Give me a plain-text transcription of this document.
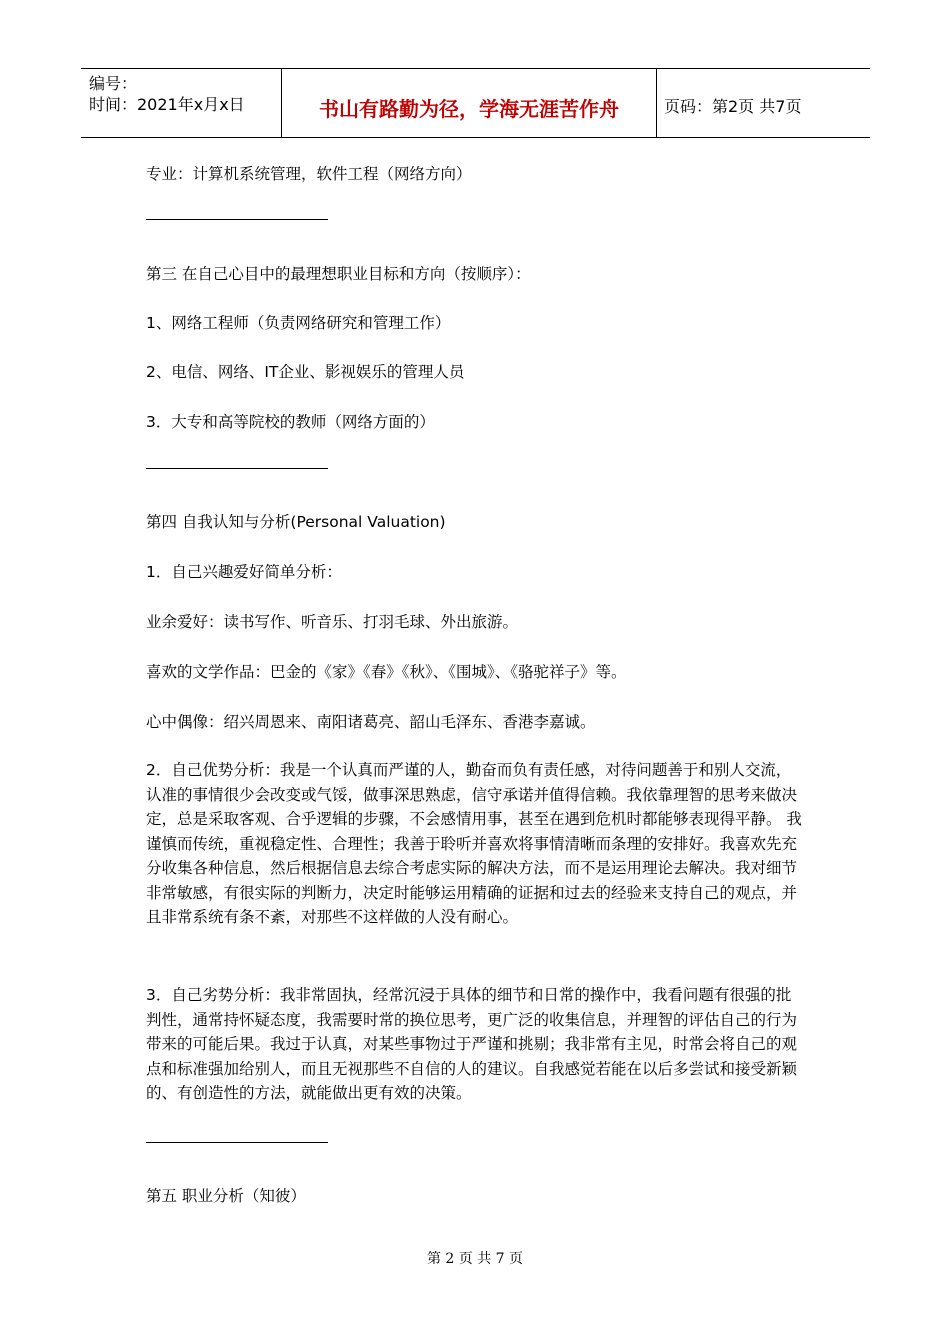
编号：
时间：2021年x月x日	书山有路勤为径，学海无涯苦作舟	页码：第2页 共7页
专业：计算机系统管理，软件工程（网络方向）
第三 在自己心目中的最理想职业目标和方向（按顺序）：
1、网络工程师（负责网络研究和管理工作）
2、电信、网络、IT企业、影视娱乐的管理人员
3．大专和高等院校的教师（网络方面的）
第四 自我认知与分析(Personal Valuation)
1．自己兴趣爱好简单分析：
业余爱好：读书写作、听音乐、打羽毛球、外出旅游。
喜欢的文学作品：巴金的《家》《春》《秋》、《围城》、《骆驼祥子》等。
心中偶像：绍兴周恩来、南阳诸葛亮、韶山毛泽东、香港李嘉诚。
2．自己优势分析：我是一个认真而严谨的人，勤奋而负有责任感，对待问题善于和别人交流，认准的事情很少会改变或气馁，做事深思熟虑，信守承诺并值得信赖。我依靠理智的思考来做决定，总是采取客观、合乎逻辑的步骤，不会感情用事，甚至在遇到危机时都能够表现得平静。 我谨慎而传统，重视稳定性、合理性；我善于聆听并喜欢将事情清晰而条理的安排好。我喜欢先充分收集各种信息，然后根据信息去综合考虑实际的解决方法，而不是运用理论去解决。我对细节非常敏感，有很实际的判断力，决定时能够运用精确的证据和过去的经验来支持自己的观点，并且非常系统有条不紊，对那些不这样做的人没有耐心。
3．自己劣势分析：我非常固执，经常沉浸于具体的细节和日常的操作中，我看问题有很强的批判性，通常持怀疑态度，我需要时常的换位思考，更广泛的收集信息，并理智的评估自己的行为带来的可能后果。我过于认真，对某些事物过于严谨和挑剔；我非常有主见，时常会将自己的观点和标准强加给别人，而且无视那些不自信的人的建议。自我感觉若能在以后多尝试和接受新颖的、有创造性的方法，就能做出更有效的决策。
第五 职业分析（知彼）
第 2 页 共 7 页
